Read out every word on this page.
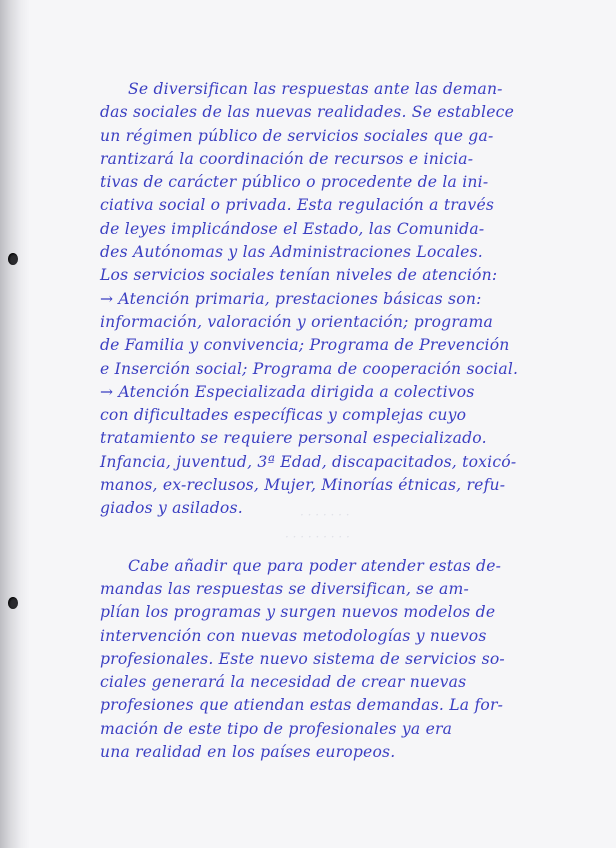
· · · · · · ·
· · · · · · · · ·
Se diversifican las respuestas ante las deman-
das sociales de las nuevas realidades. Se establece
un régimen público de servicios sociales que ga-
rantizará la coordinación de recursos e inicia-
tivas de carácter público o procedente de la ini-
ciativa social o privada. Esta regulación a través
de leyes implicándose el Estado, las Comunida-
des Autónomas y las Administraciones Locales.
Los servicios sociales tenían niveles de atención:
→ Atención primaria, prestaciones básicas son:
información, valoración y orientación; programa
de Familia y convivencia; Programa de Prevención
e Inserción social; Programa de cooperación social.
→ Atención Especializada dirigida a colectivos
con dificultades específicas y complejas cuyo
tratamiento se requiere personal especializado.
Infancia, juventud, 3ª Edad, discapacitados, toxicó-
manos, ex-reclusos, Mujer, Minorías étnicas, refu-
giados y asilados.
Cabe añadir que para poder atender estas de-
mandas las respuestas se diversifican, se am-
plían los programas y surgen nuevos modelos de
intervención con nuevas metodologías y nuevos
profesionales. Este nuevo sistema de servicios so-
ciales generará la necesidad de crear nuevas
profesiones que atiendan estas demandas. La for-
mación de este tipo de profesionales ya era
una realidad en los países europeos.
